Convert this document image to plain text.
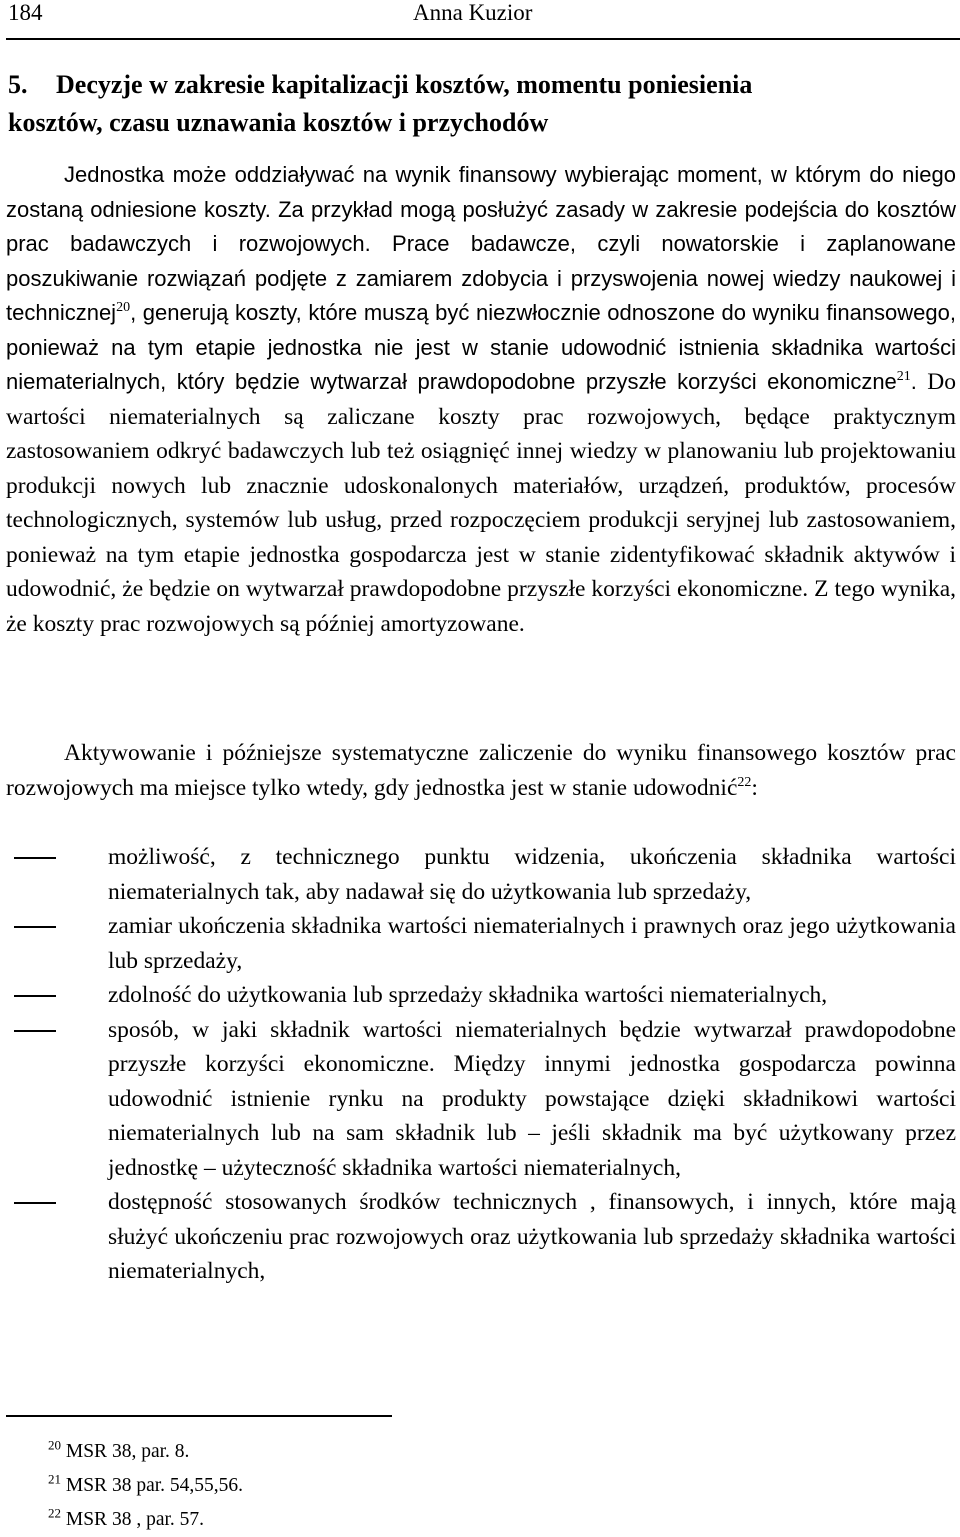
184	Anna Kuzior
5. Decyzje w zakresie kapitalizacji kosztów, momentu poniesienia
kosztów, czasu uznawania kosztów i przychodów
Jednostka może oddziaływać na wynik finansowy wybierając moment, w którym do niego zostaną odniesione koszty. Za przykład mogą posłużyć zasady w zakresie podejścia do kosztów prac badawczych i rozwojowych. Prace badawcze, czyli nowatorskie i zaplanowane poszukiwanie rozwiązań podjęte z zamiarem zdobycia i przyswojenia nowej wiedzy naukowej i technicznej$^{20}$, generują koszty, które muszą być niezwłocznie odnoszone do wyniku finansowego, ponieważ na tym etapie jednostka nie jest w stanie udowodnić istnienia składnika wartości niematerialnych, który będzie wytwarzał prawdopodobne przyszłe korzyści ekonomiczne$^{21}$. Do wartości niematerialnych są zaliczane koszty prac rozwojowych, będące praktycznym zastosowaniem odkryć badawczych lub też osiągnięć innej wiedzy w planowaniu lub projektowaniu produkcji nowych lub znacznie udoskonalonych materiałów, urządzeń, produktów, procesów technologicznych, systemów lub usług, przed rozpoczęciem produkcji seryjnej lub zastosowaniem, ponieważ na tym etapie jednostka gospodarcza jest w stanie zidentyfikować składnik aktywów i udowodnić, że będzie on wytwarzał prawdopodobne przyszłe korzyści ekonomiczne. Z tego wynika, że koszty prac rozwojowych są później amortyzowane.
Aktywowanie i późniejsze systematyczne zaliczenie do wyniku finansowego kosztów prac rozwojowych ma miejsce tylko wtedy, gdy jednostka jest w stanie udowodnić$^{22}$:
możliwość, z technicznego punktu widzenia, ukończenia składnika wartości niematerialnych tak, aby nadawał się do użytkowania lub sprzedaży,
zamiar ukończenia składnika wartości niematerialnych i prawnych oraz jego użytkowania lub sprzedaży,
zdolność do użytkowania lub sprzedaży składnika wartości niematerialnych,
sposób, w jaki składnik wartości niematerialnych będzie wytwarzał prawdopodobne przyszłe korzyści ekonomiczne. Między innymi jednostka gospodarcza powinna udowodnić istnienie rynku na produkty powstające dzięki składnikowi wartości niematerialnych lub na sam składnik lub – jeśli składnik ma być użytkowany przez jednostkę – użyteczność składnika wartości niematerialnych,
dostępność stosowanych środków technicznych , finansowych, i innych, które mają służyć ukończeniu prac rozwojowych oraz użytkowania lub sprzedaży składnika wartości niematerialnych,
$^{20}$ MSR 38, par. 8.
$^{21}$ MSR 38 par. 54,55,56.
$^{22}$ MSR 38 , par. 57.
